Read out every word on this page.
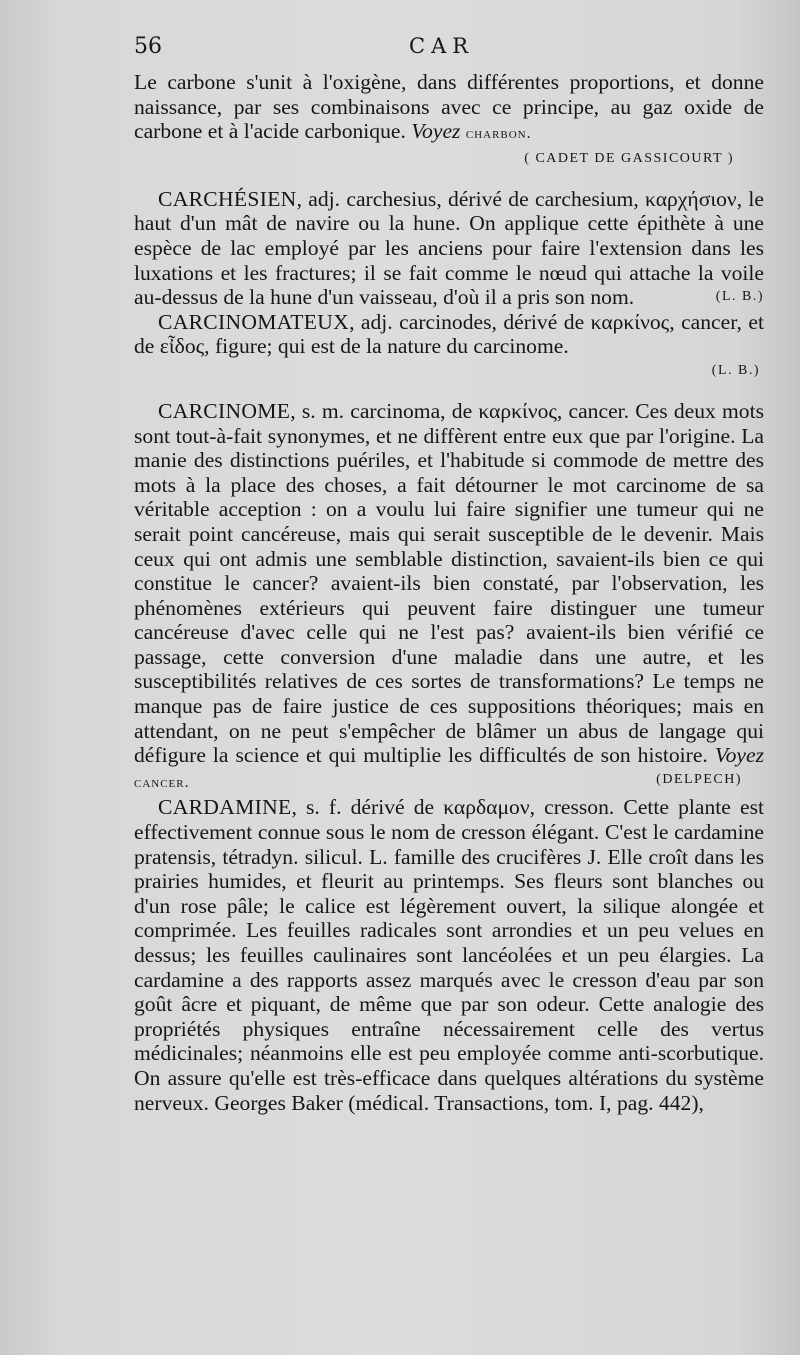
56	CAR

Le carbone s'unit à l'oxigène, dans différentes proportions, et donne naissance, par ses combinaisons avec ce principe, au gaz oxide de carbone et à l'acide carbonique. Voyez charbon.

( CADET DE GASSICOURT )

CARCHÉSIEN, adj. carchesius, dérivé de carchesium, καρχήσιον, le haut d'un mât de navire ou la hune. On applique cette épithète à une espèce de lac employé par les anciens pour faire l'extension dans les luxations et les fractures; il se fait comme le nœud qui attache la voile au-dessus de la hune d'un vaisseau, d'où il a pris son nom.	(L. B.)

CARCINOMATEUX, adj. carcinodes, dérivé de καρκίνος, cancer, et de εἶδος, figure; qui est de la nature du carcinome.

(L. B.)

CARCINOME, s. m. carcinoma, de καρκίνος, cancer. Ces deux mots sont tout-à-fait synonymes, et ne diffèrent entre eux que par l'origine. La manie des distinctions puériles, et l'habitude si commode de mettre des mots à la place des choses, a fait détourner le mot carcinome de sa véritable acception : on a voulu lui faire signifier une tumeur qui ne serait point cancéreuse, mais qui serait susceptible de le devenir. Mais ceux qui ont admis une semblable distinction, savaient-ils bien ce qui constitue le cancer? avaient-ils bien constaté, par l'observation, les phénomènes extérieurs qui peuvent faire distinguer une tumeur cancéreuse d'avec celle qui ne l'est pas? avaient-ils bien vérifié ce passage, cette conversion d'une maladie dans une autre, et les susceptibilités relatives de ces sortes de transformations? Le temps ne manque pas de faire justice de ces suppositions théoriques; mais en attendant, on ne peut s'empêcher de blâmer un abus de langage qui défigure la science et qui multiplie les difficultés de son histoire. Voyez cancer.	(DELPECH)

CARDAMINE, s. f. dérivé de καρδαμον, cresson. Cette plante est effectivement connue sous le nom de cresson élégant. C'est le cardamine pratensis, tétradyn. silicul. L. famille des crucifères J. Elle croît dans les prairies humides, et fleurit au printemps. Ses fleurs sont blanches ou d'un rose pâle; le calice est légèrement ouvert, la silique alongée et comprimée. Les feuilles radicales sont arrondies et un peu velues en dessus; les feuilles caulinaires sont lancéolées et un peu élargies. La cardamine a des rapports assez marqués avec le cresson d'eau par son goût âcre et piquant, de même que par son odeur. Cette analogie des propriétés physiques entraîne nécessairement celle des vertus médicinales; néanmoins elle est peu employée comme anti-scorbutique. On assure qu'elle est très-efficace dans quelques altérations du système nerveux. Georges Baker (médical. Transactions, tom. I, pag. 442),
